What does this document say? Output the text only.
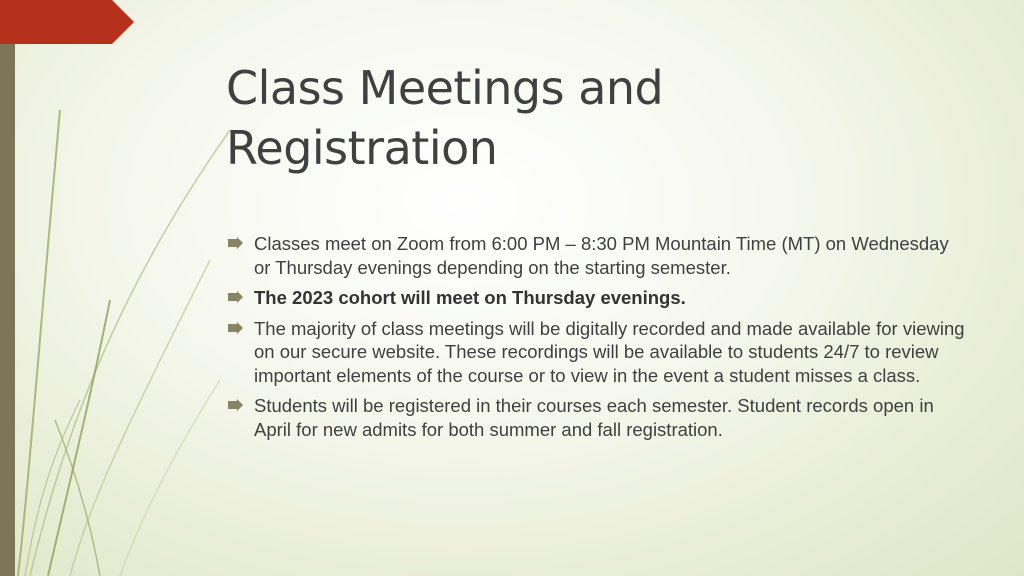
Class Meetings and Registration
Classes meet on Zoom from 6:00 PM – 8:30 PM Mountain Time (MT) on Wednesday or Thursday evenings depending on the starting semester.
The 2023 cohort will meet on Thursday evenings.
The majority of class meetings will be digitally recorded and made available for viewing on our secure website. These recordings will be available to students 24/7 to review important elements of the course or to view in the event a student misses a class.
Students will be registered in their courses each semester. Student records open in April for new admits for both summer and fall registration.
